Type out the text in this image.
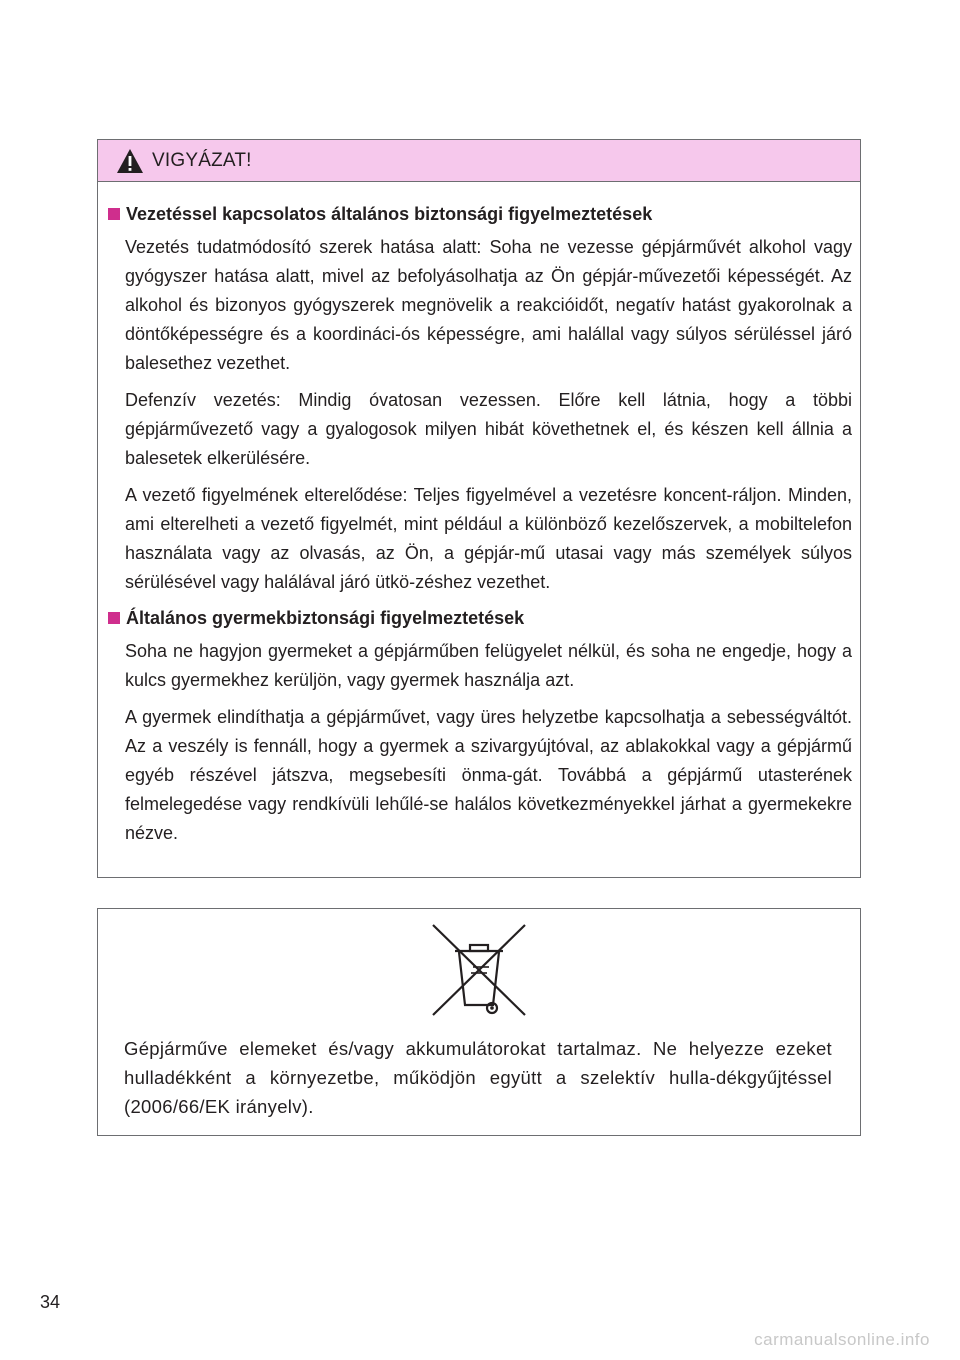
VIGYÁZAT!
Vezetéssel kapcsolatos általános biztonsági figyelmeztetések

Vezetés tudatmódosító szerek hatása alatt: Soha ne vezesse gépjárművét alkohol vagy gyógyszer hatása alatt, mivel az befolyásolhatja az Ön gépjár-művezetői képességét. Az alkohol és bizonyos gyógyszerek megnövelik a reakcióidőt, negatív hatást gyakorolnak a döntőképességre és a koordináci-ós képességre, ami halállal vagy súlyos sérüléssel járó balesethez vezethet.

Defenzív vezetés: Mindig óvatosan vezessen. Előre kell látnia, hogy a többi gépjárművezető vagy a gyalogosok milyen hibát követhetnek el, és készen kell állnia a balesetek elkerülésére.

A vezető figyelmének elterelődése: Teljes figyelmével a vezetésre koncent-ráljon. Minden, ami elterelheti a vezető figyelmét, mint például a különböző kezelőszervek, a mobiltelefon használata vagy az olvasás, az Ön, a gépjár-mű utasai vagy más személyek súlyos sérülésével vagy halálával járó ütkö-zéshez vezethet.

Általános gyermekbiztonsági figyelmeztetések

Soha ne hagyjon gyermeket a gépjárműben felügyelet nélkül, és soha ne engedje, hogy a kulcs gyermekhez kerüljön, vagy gyermek használja azt.

A gyermek elindíthatja a gépjárművet, vagy üres helyzetbe kapcsolhatja a sebességváltót. Az a veszély is fennáll, hogy a gyermek a szivargyújtóval, az ablakokkal vagy a gépjármű egyéb részével játszva, megsebesíti önma-gát. Továbbá a gépjármű utasterének felmelegedése vagy rendkívüli lehűlé-se halálos következményekkel járhat a gyermekekre nézve.

Gépjárműve elemeket és/vagy akkumulátorokat tartalmaz. Ne helyezze ezeket hulladékként a környezetbe, működjön együtt a szelektív hulla-dékgyűjtéssel (2006/66/EK irányelv).
34
carmanualsonline.info
